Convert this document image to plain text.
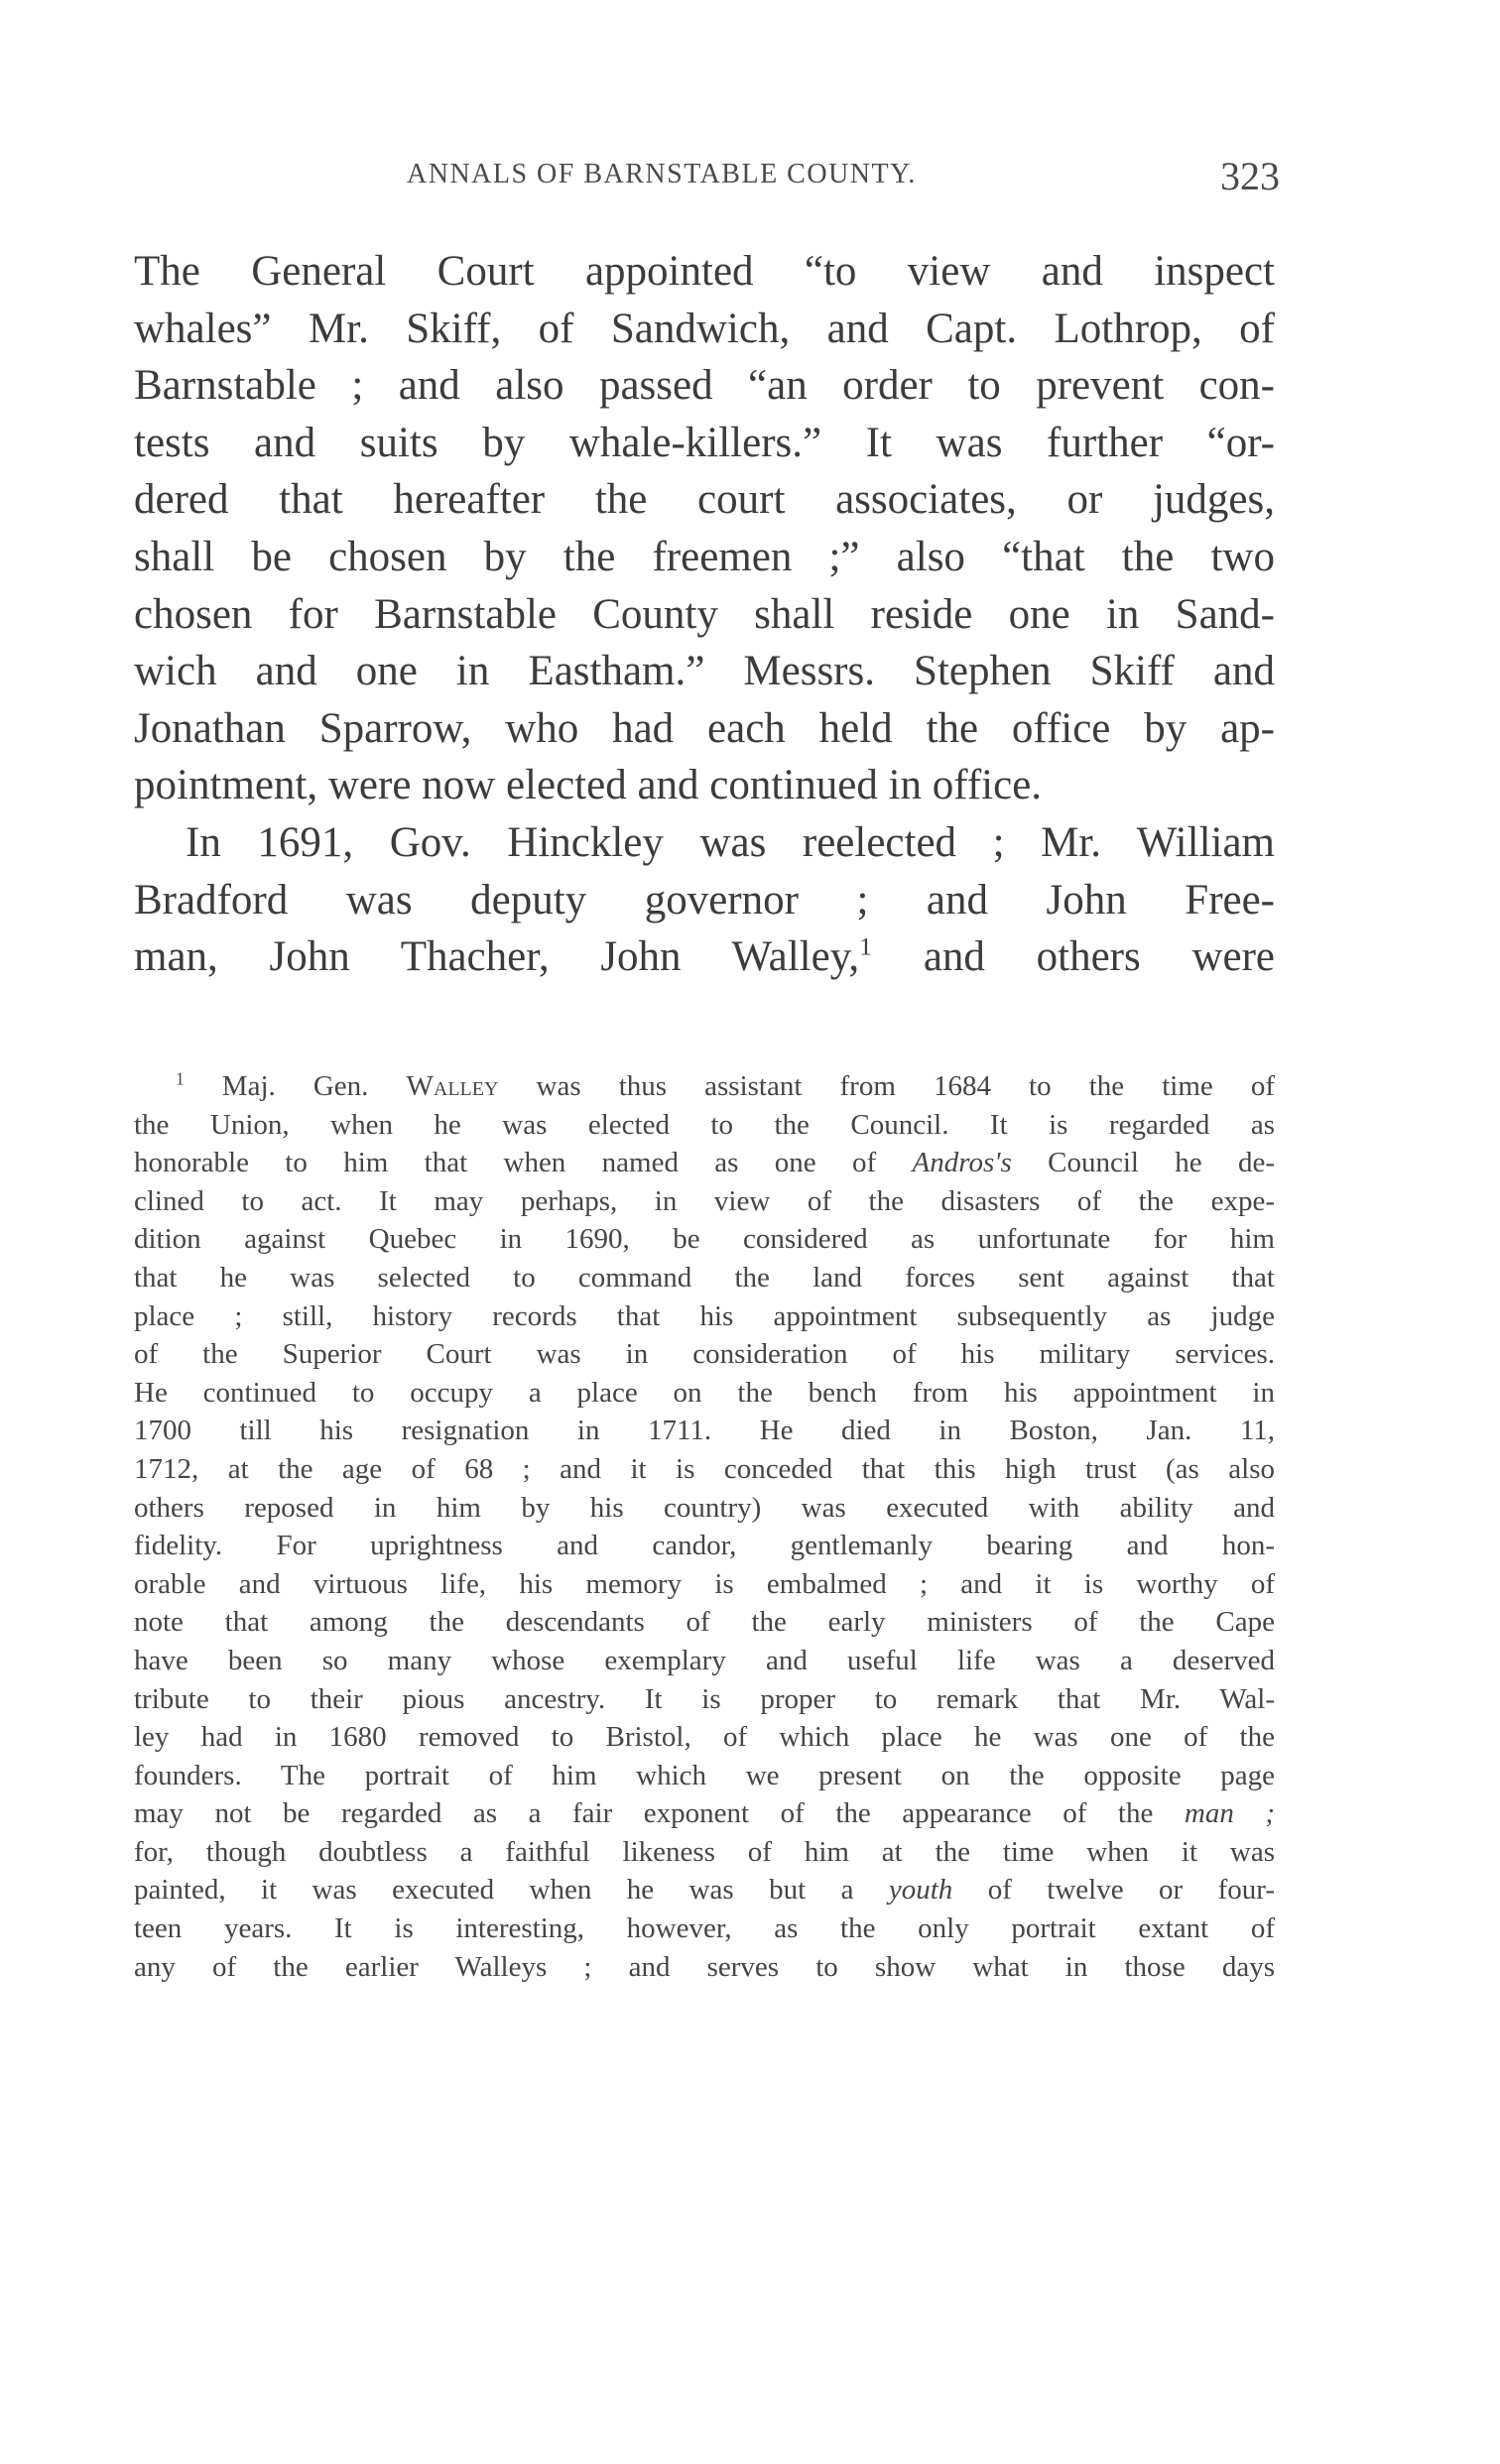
ANNALS OF BARNSTABLE COUNTY.	323
The General Court appointed “to view and inspect
whales” Mr. Skiff, of Sandwich, and Capt. Lothrop, of
Barnstable ; and also passed “an order to prevent con-
tests and suits by whale-killers.” It was further “or-
dered that hereafter the court associates, or judges,
shall be chosen by the freemen ;” also “that the two
chosen for Barnstable County shall reside one in Sand-
wich and one in Eastham.” Messrs. Stephen Skiff and
Jonathan Sparrow, who had each held the office by ap-
pointment, were now elected and continued in office.
In 1691, Gov. Hinckley was reelected ; Mr. William
Bradford was deputy governor ; and John Free-
man, John Thacher, John Walley,$^1$ and others were
$^1$ Maj. Gen. Walley was thus assistant from 1684 to the time of
the Union, when he was elected to the Council. It is regarded as
honorable to him that when named as one of Andros's Council he de-
clined to act. It may perhaps, in view of the disasters of the expe-
dition against Quebec in 1690, be considered as unfortunate for him
that he was selected to command the land forces sent against that
place ; still, history records that his appointment subsequently as judge
of the Superior Court was in consideration of his military services.
He continued to occupy a place on the bench from his appointment in
1700 till his resignation in 1711. He died in Boston, Jan. 11,
1712, at the age of 68 ; and it is conceded that this high trust (as also
others reposed in him by his country) was executed with ability and
fidelity. For uprightness and candor, gentlemanly bearing and hon-
orable and virtuous life, his memory is embalmed ; and it is worthy of
note that among the descendants of the early ministers of the Cape
have been so many whose exemplary and useful life was a deserved
tribute to their pious ancestry. It is proper to remark that Mr. Wal-
ley had in 1680 removed to Bristol, of which place he was one of the
founders. The portrait of him which we present on the opposite page
may not be regarded as a fair exponent of the appearance of the man ;
for, though doubtless a faithful likeness of him at the time when it was
painted, it was executed when he was but a youth of twelve or four-
teen years. It is interesting, however, as the only portrait extant of
any of the earlier Walleys ; and serves to show what in those days
